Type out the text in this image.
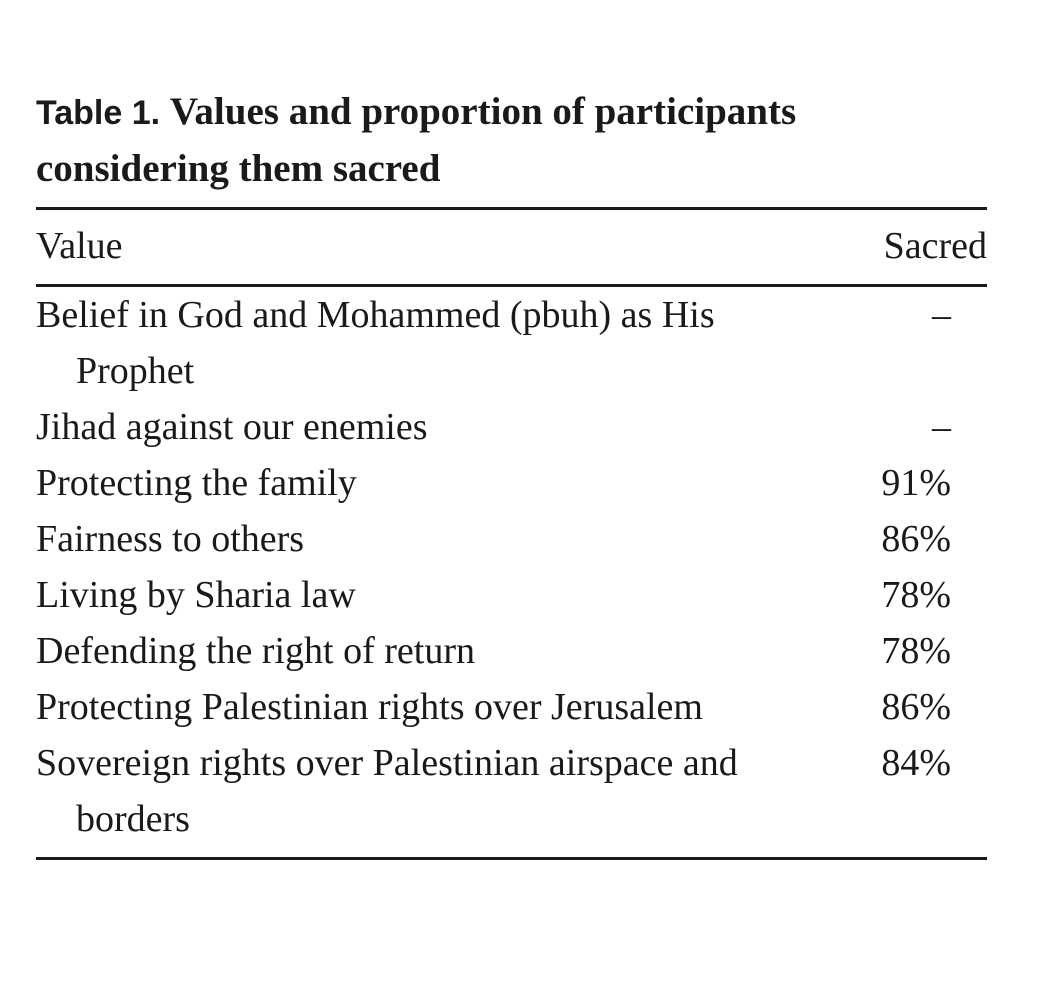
Table 1. Values and proportion of participants considering them sacred
Value	Sacred

Belief in God and Mohammed (pbuh) as His Prophet	–
Jihad against our enemies	–
Protecting the family	91%
Fairness to others	86%
Living by Sharia law	78%
Defending the right of return	78%
Protecting Palestinian rights over Jerusalem	86%
Sovereign rights over Palestinian airspace and borders	84%
